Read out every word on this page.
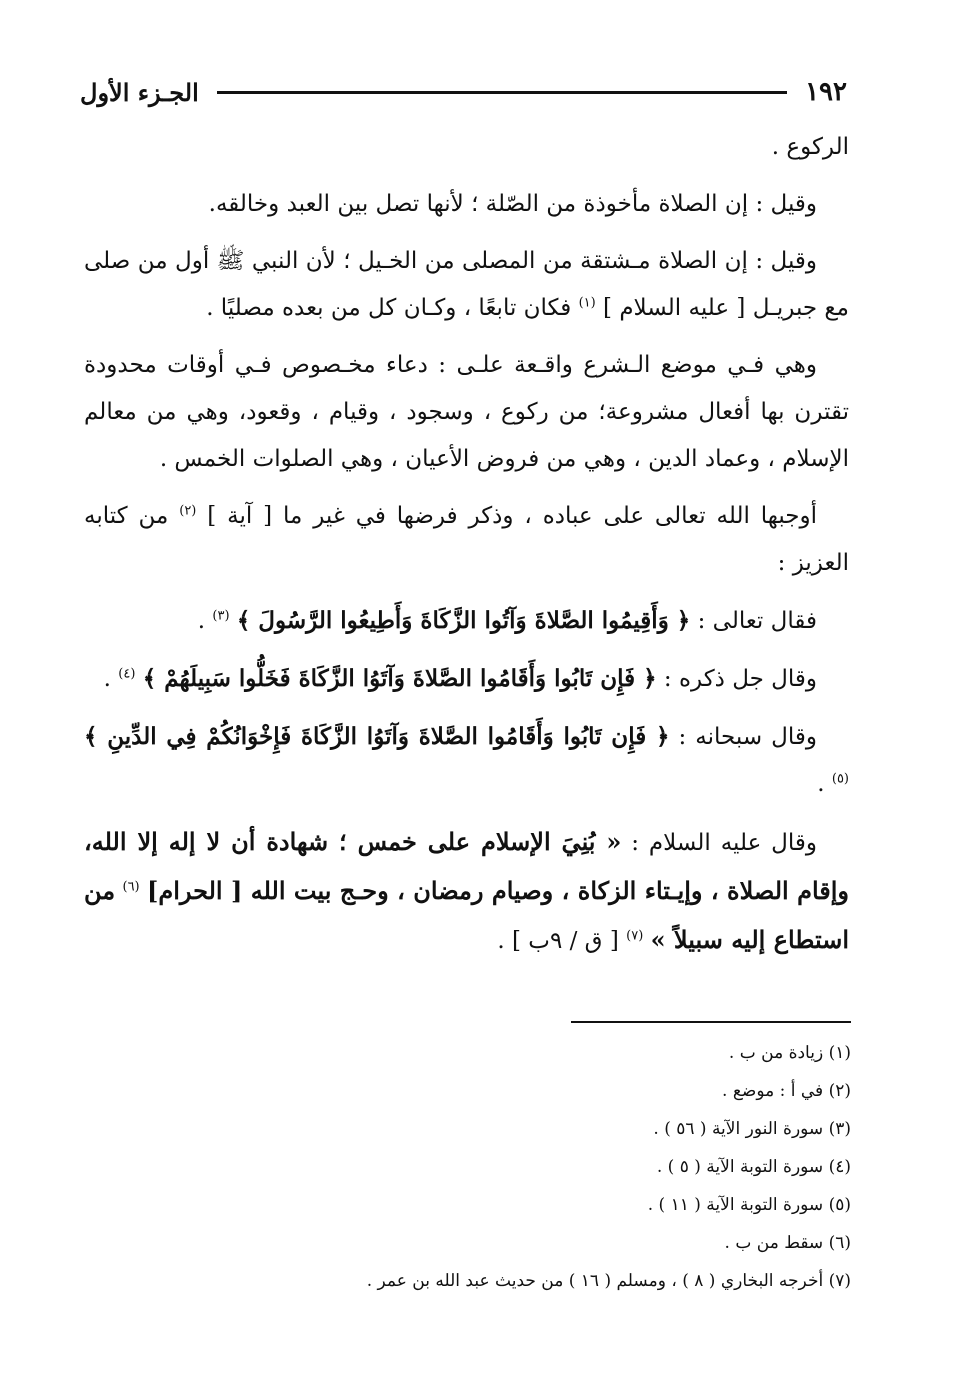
١٩٢
الجـزء الأول

الركوع .

وقيل : إن الصلاة مأخوذة من الصّلة ؛ لأنها تصل بين العبد وخالقه.

وقيل : إن الصلاة مـشتقة من المصلى من الخـيل ؛ لأن النبي ﷺ أول من صلى مع جبريـل [ عليه السلام ] $^{(١)}$ فكان تابعًا ، وكـان كل من بعده مصليًا .

وهي فـي موضع الـشرع واقـعة علـى : دعاء مخـصوص فـي أوقات محدودة تقترن بها أفعال مشروعة؛ من ركوع ، وسجود ، وقيام ، وقعود، وهي من معالم الإسلام ، وعماد الدين ، وهي من فروض الأعيان ، وهي الصلوات الخمس .

أوجبها الله تعالى على عباده ، وذكر فرضها في غير ما [ آية ] $^{(٢)}$ من كتابه العزيز :

فقال تعالى : ﴿ وَأَقِيمُوا الصَّلاةَ وَآتُوا الزَّكَاةَ وَأَطِيعُوا الرَّسُولَ ﴾ $^{(٣)}$ .

وقال جل ذكره : ﴿ فَإِن تَابُوا وَأَقَامُوا الصَّلاةَ وَآتَوُا الزَّكَاةَ فَخَلُّوا سَبِيلَهُمْ ﴾ $^{(٤)}$ .

وقال سبحانه : ﴿ فَإِن تَابُوا وَأَقَامُوا الصَّلاةَ وَآتَوُا الزَّكَاةَ فَإِخْوَانُكُمْ فِي الدِّينِ ﴾ $^{(٥)}$ .

وقال عليه السلام : « بُنِيَ الإسلام على خمس ؛ شهادة أن لا إله إلا الله، وإقام الصلاة ، وإيـتاء الزكاة ، وصيام رمضان ، وحـج بيت الله [ الحرام] $^{(٦)}$ من استطاع إليه سبيلاً » $^{(٧)}$ [ ق / ٩ب ] .

(١) زيادة من ب .

(٢) في أ : موضع .

(٣) سورة النور الآية ( ٥٦ ) .

(٤) سورة التوبة الآية ( ٥ ) .

(٥) سورة التوبة الآية ( ١١ ) .

(٦) سقط من ب .

(٧) أخرجه البخاري ( ٨ ) ، ومسلم ( ١٦ ) من حديث عبد الله بن عمر .
